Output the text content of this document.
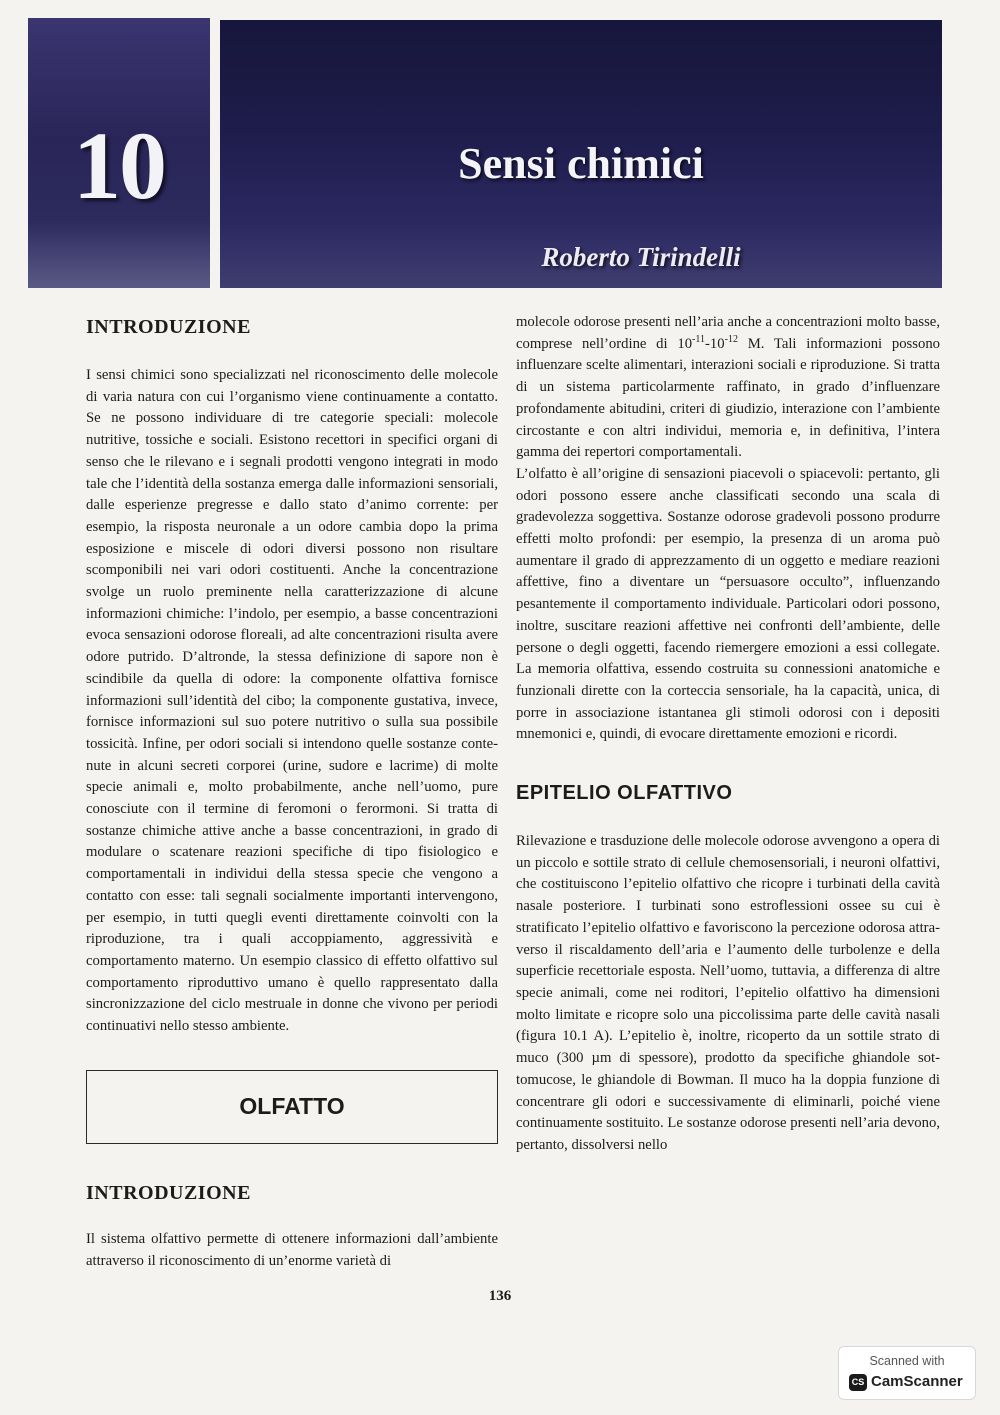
10	Sensi chimici
Roberto Tirindelli
INTRODUZIONE

I sensi chimici sono specializzati nel riconoscimento delle molecole di varia natura con cui l’organismo viene continuamente a contatto. Se ne possono individuare di tre categorie speciali: molecole nutritive, tossiche e sociali. Esistono recettori in specifici organi di senso che le rilevano e i segnali prodotti vengono integrati in modo tale che l’identità della sostanza emerga dalle informazioni sensoriali, dalle esperienze pregresse e dallo stato d’animo corrente: per esempio, la risposta neuronale a un odore cambia dopo la prima esposizione e miscele di odori diversi possono non risultare scomponibili nei vari odori costituenti. Anche la concentrazione svolge un ruolo preminente nella caratterizzazione di alcune informazioni chimiche: l’indolo, per esempio, a basse concentrazioni evoca sensazioni odorose floreali, ad alte concentrazioni risulta avere odore putrido. D’altronde, la stessa definizione di sapore non è scindibile da quella di odore: la componente olfattiva fornisce informazioni sull’identità del cibo; la componente gustativa, invece, fornisce informazioni sul suo potere nutritivo o sulla sua possibile tossicità. Infine, per odori sociali si intendono quelle sostanze contenute in alcuni secreti corporei (urine, sudore e lacrime) di molte specie animali e, molto probabilmente, anche nell’uomo, pure conosciute con il termine di feromoni o ferormoni. Si tratta di sostanze chimiche attive anche a basse concentrazioni, in grado di modulare o scatenare reazioni specifiche di tipo fisiologico e comportamentali in individui della stessa specie che vengono a contatto con esse: tali segnali socialmente importanti intervengono, per esempio, in tutti quegli eventi direttamente coinvolti con la riproduzione, tra i quali accoppiamento, aggressività e comportamento materno. Un esempio classico di effetto olfattivo sul comportamento riproduttivo umano è quello rappresentato dalla sincronizzazione del ciclo mestruale in donne che vivono per periodi continuativi nello stesso ambiente.

OLFATTO
INTRODUZIONE

Il sistema olfattivo permette di ottenere informazioni dall’ambiente attraverso il riconoscimento di un’enorme varietà di

molecole odorose presenti nell’aria anche a concentrazioni molto basse, comprese nell’ordine di $10^{-11}-10^{-12}$ M. Tali informazioni possono influenzare scelte alimentari, interazioni sociali e riproduzione. Si tratta di un sistema particolarmente raffinato, in grado d’influenzare profondamente abitudini, criteri di giudizio, interazione con l’ambiente circostante e con altri individui, memoria e, in definitiva, l’intera gamma dei repertori comportamentali.

L’olfatto è all’origine di sensazioni piacevoli o spiacevoli: pertanto, gli odori possono essere anche classificati secondo una scala di gradevolezza soggettiva. Sostanze odorose gradevoli possono produrre effetti molto profondi: per esempio, la presenza di un aroma può aumentare il grado di apprezzamento di un oggetto e mediare reazioni affettive, fino a diventare un “persuasore occulto”, influenzando pesantemente il comportamento individuale. Particolari odori possono, inoltre, suscitare reazioni affettive nei confronti dell’ambiente, delle persone o degli oggetti, facendo riemergere emozioni a essi collegate. La memoria olfattiva, essendo costruita su connessioni anatomiche e funzionali dirette con la corteccia sensoriale, ha la capacità, unica, di porre in associazione istantanea gli stimoli odorosi con i depositi mnemonici e, quindi, di evocare direttamente emozioni e ricordi.

EPITELIO OLFATTIVO

Rilevazione e trasduzione delle molecole odorose avvengono a opera di un piccolo e sottile strato di cellule chemosensoriali, i neuroni olfattivi, che costituiscono l’epitelio olfattivo che ricopre i turbinati della cavità nasale posteriore. I turbinati sono estroflessioni ossee su cui è stratificato l’epitelio olfattivo e favoriscono la percezione odorosa attraverso il riscaldamento dell’aria e l’aumento delle turbolenze e della superficie recettoriale esposta. Nell’uomo, tuttavia, a differenza di altre specie animali, come nei roditori, l’epitelio olfattivo ha dimensioni molto limitate e ricopre solo una piccolissima parte delle cavità nasali (figura 10.1 A). L’epitelio è, inoltre, ricoperto da un sottile strato di muco (300 µm di spessore), prodotto da specifiche ghiandole sottomucose, le ghiandole di Bowman. Il muco ha la doppia funzione di concentrare gli odori e successivamente di eliminarli, poiché viene continuamente sostituito. Le sostanze odorose presenti nell’aria devono, pertanto, dissolversi nello

136
Scanned with
CS CamScanner
